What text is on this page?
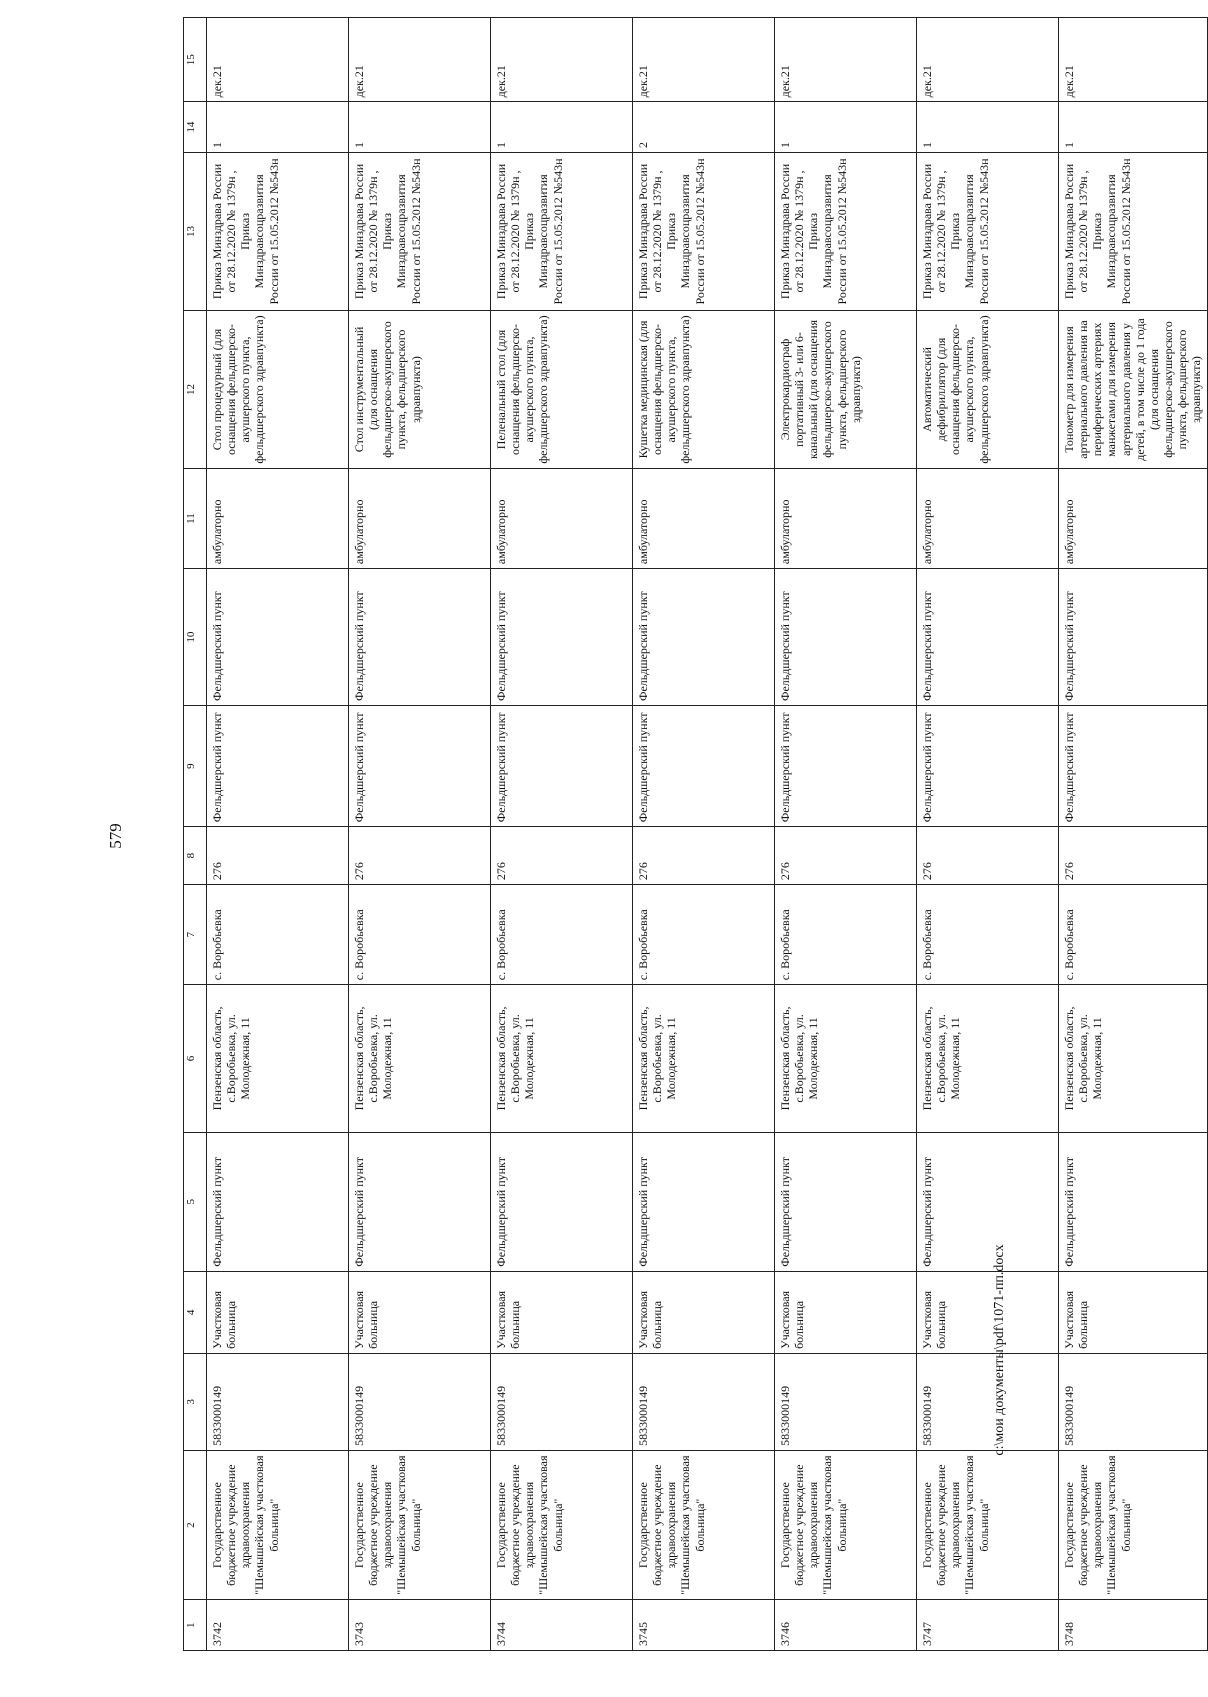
579
1	2	3	4	5	6	7	8	9	10	11	12	13	14	15
3742	Государственное бюджетное учреждение здравоохранения "Шемышейская участковая больница"	5833000149	Участковая больница	Фельдшерский пункт	Пензенская область, с.Воробьевка, ул. Молодежная, 11	с. Воробьевка	276	Фельдшерский пункт	Фельдшерский пункт	амбулаторно	Стол процедурный (для оснащения фельдшерско-акушерского пункта, фельдшерского здравпункта)	Приказ Минздрава России от 28.12.2020 № 1379н , Приказ Минздравсоцразвития России от 15.05.2012 №543н	1	дек.21
3743	Государственное бюджетное учреждение здравоохранения "Шемышейская участковая больница"	5833000149	Участковая больница	Фельдшерский пункт	Пензенская область, с.Воробьевка, ул. Молодежная, 11	с. Воробьевка	276	Фельдшерский пункт	Фельдшерский пункт	амбулаторно	Стол инструментальный (для оснащения фельдшерско-акушерского пункта, фельдшерского здравпункта)	Приказ Минздрава России от 28.12.2020 № 1379н , Приказ Минздравсоцразвития России от 15.05.2012 №543н	1	дек.21
3744	Государственное бюджетное учреждение здравоохранения "Шемышейская участковая больница"	5833000149	Участковая больница	Фельдшерский пункт	Пензенская область, с.Воробьевка, ул. Молодежная, 11	с. Воробьевка	276	Фельдшерский пункт	Фельдшерский пункт	амбулаторно	Пеленальный стол (для оснащения фельдшерско-акушерского пункта, фельдшерского здравпункта)	Приказ Минздрава России от 28.12.2020 № 1379н , Приказ Минздравсоцразвития России от 15.05.2012 №543н	1	дек.21
3745	Государственное бюджетное учреждение здравоохранения "Шемышейская участковая больница"	5833000149	Участковая больница	Фельдшерский пункт	Пензенская область, с.Воробьевка, ул. Молодежная, 11	с. Воробьевка	276	Фельдшерский пункт	Фельдшерский пункт	амбулаторно	Кушетка медицинская (для оснащения фельдшерско-акушерского пункта, фельдшерского здравпункта)	Приказ Минздрава России от 28.12.2020 № 1379н , Приказ Минздравсоцразвития России от 15.05.2012 №543н	2	дек.21
3746	Государственное бюджетное учреждение здравоохранения "Шемышейская участковая больница"	5833000149	Участковая больница	Фельдшерский пункт	Пензенская область, с.Воробьевка, ул. Молодежная, 11	с. Воробьевка	276	Фельдшерский пункт	Фельдшерский пункт	амбулаторно	Электрокардиограф портативный 3- или 6-канальный (для оснащения фельдшерско-акушерского пункта, фельдшерского здравпункта)	Приказ Минздрава России от 28.12.2020 № 1379н , Приказ Минздравсоцразвития России от 15.05.2012 №543н	1	дек.21
3747	Государственное бюджетное учреждение здравоохранения "Шемышейская участковая больница"	5833000149	Участковая больница	Фельдшерский пункт	Пензенская область, с.Воробьевка, ул. Молодежная, 11	с. Воробьевка	276	Фельдшерский пункт	Фельдшерский пункт	амбулаторно	Автоматический дефибриллятор (для оснащения фельдшерско-акушерского пункта, фельдшерского здравпункта)	Приказ Минздрава России от 28.12.2020 № 1379н , Приказ Минздравсоцразвития России от 15.05.2012 №543н	1	дек.21
3748	Государственное бюджетное учреждение здравоохранения "Шемышейская участковая больница"	5833000149	Участковая больница	Фельдшерский пункт	Пензенская область, с.Воробьевка, ул. Молодежная, 11	с. Воробьевка	276	Фельдшерский пункт	Фельдшерский пункт	амбулаторно	Тонометр для измерения артериального давления на периферических артериях манжетами для измерения артериального давления у детей, в том числе до 1 года (для оснащения фельдшерско-акушерского пункта, фельдшерского здравпункта)	Приказ Минздрава России от 28.12.2020 № 1379н , Приказ Минздравсоцразвития России от 15.05.2012 №543н	1	дек.21
c:\мои документы\pdf\1071-пп.docx
